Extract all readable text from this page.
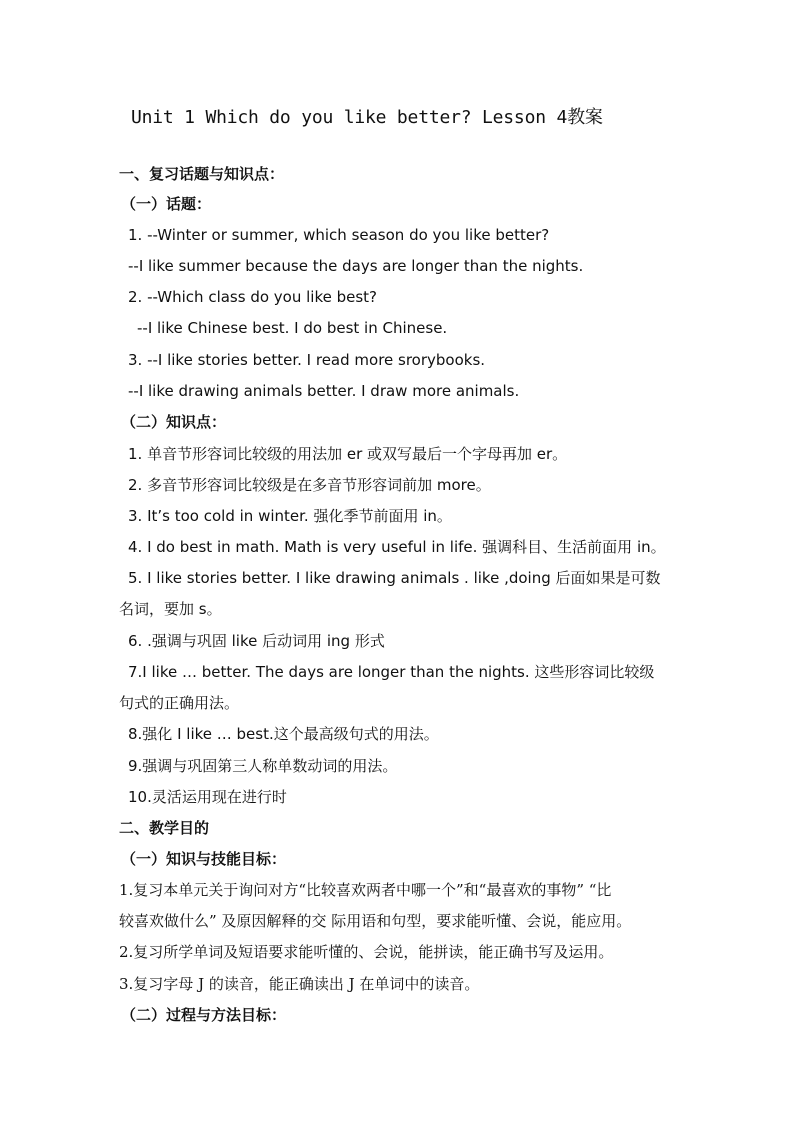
Unit 1 Which do you like better? Lesson 4教案
一、复习话题与知识点：
（一）话题：
1. --Winter or summer, which season do you like better?
--I like summer because the days are longer than the nights.
2. --Which class do you like best?
--I like Chinese best. I do best in Chinese.
3. --I like stories better. I read more srorybooks.
--I like drawing animals better. I draw more animals.
（二）知识点：
1. 单音节形容词比较级的用法加 er 或双写最后一个字母再加 er。
2. 多音节形容词比较级是在多音节形容词前加 more。
3. It’s too cold in winter. 强化季节前面用 in。
4. I do best in math. Math is very useful in life. 强调科目、生活前面用 in。
5. I like stories better. I like drawing animals . like ,doing 后面如果是可数
名词，要加 s。
6. .强调与巩固 like 后动词用 ing 形式
7.I like … better. The days are longer than the nights. 这些形容词比较级
句式的正确用法。
8.强化 I like … best.这个最高级句式的用法。
9.强调与巩固第三人称单数动词的用法。
10.灵活运用现在进行时
二、教学目的
（一）知识与技能目标：
1.复习本单元关于询问对方“比较喜欢两者中哪一个”和“最喜欢的事物” “比
较喜欢做什么” 及原因解释的交 际用语和句型，要求能听懂、会说，能应用。
2.复习所学单词及短语要求能听懂的、会说，能拼读，能正确书写及运用。
3.复习字母 J 的读音，能正确读出 J 在单词中的读音。
（二）过程与方法目标：
